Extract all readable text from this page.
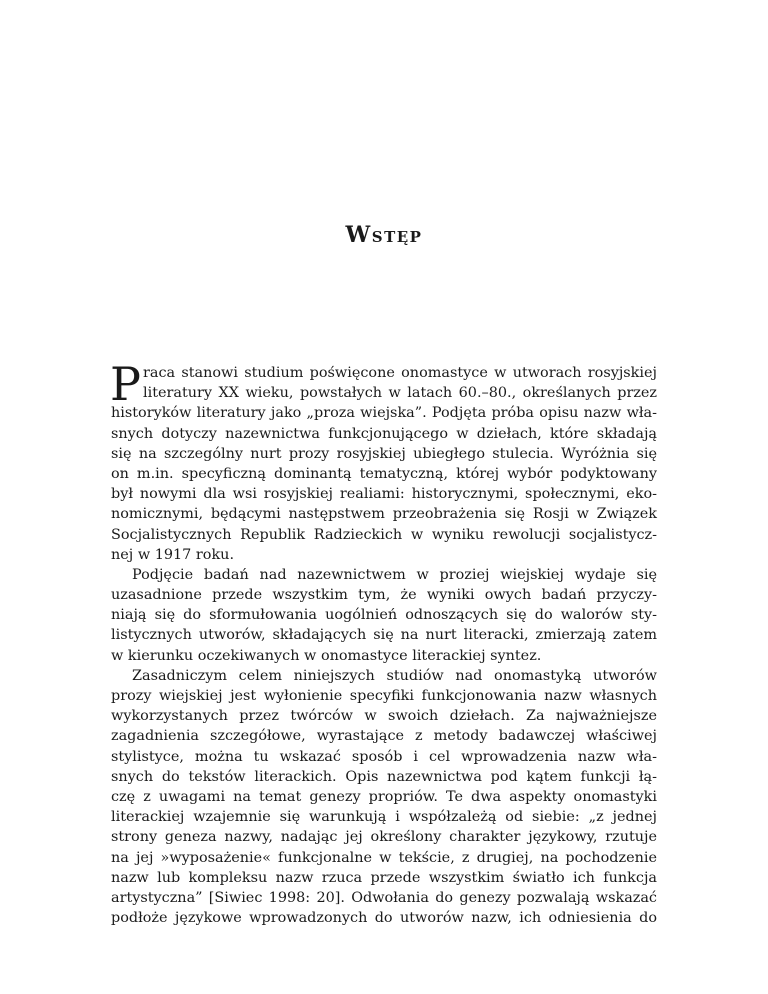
Wstęp
P raca stanowi studium poświęcone onomastyce w utworach rosyjskiej
literatury XX wieku, powstałych w latach 60.–80., określanych przez
historyków literatury jako „proza wiejska”. Podjęta próba opisu nazw wła-
snych dotyczy nazewnictwa funkcjonującego w dziełach, które składają
się na szczególny nurt prozy rosyjskiej ubiegłego stulecia. Wyróżnia się
on m.in. specyficzną dominantą tematyczną, której wybór podyktowany
był nowymi dla wsi rosyjskiej realiami: historycznymi, społecznymi, eko-
nomicznymi, będącymi następstwem przeobrażenia się Rosji w Związek
Socjalistycznych Republik Radzieckich w wyniku rewolucji socjalistycz-
nej w 1917 roku.
Podjęcie badań nad nazewnictwem w proziej wiejskiej wydaje się
uzasadnione przede wszystkim tym, że wyniki owych badań przyczy-
niają się do sformułowania uogólnień odnoszących się do walorów sty-
listycznych utworów, składających się na nurt literacki, zmierzają zatem
w kierunku oczekiwanych w onomastyce literackiej syntez.
Zasadniczym celem niniejszych studiów nad onomastyką utworów
prozy wiejskiej jest wyłonienie specyfiki funkcjonowania nazw własnych
wykorzystanych przez twórców w swoich dziełach. Za najważniejsze
zagadnienia szczegółowe, wyrastające z metody badawczej właściwej
stylistyce, można tu wskazać sposób i cel wprowadzenia nazw wła-
snych do tekstów literackich. Opis nazewnictwa pod kątem funkcji łą-
czę z uwagami na temat genezy propriów. Te dwa aspekty onomastyki
literackiej wzajemnie się warunkują i współzależą od siebie: „z jednej
strony geneza nazwy, nadając jej określony charakter językowy, rzutuje
na jej »wyposażenie« funkcjonalne w tekście, z drugiej, na pochodzenie
nazw lub kompleksu nazw rzuca przede wszystkim światło ich funkcja
artystyczna” [Siwiec 1998: 20]. Odwołania do genezy pozwalają wskazać
podłoże językowe wprowadzonych do utworów nazw, ich odniesienia do
